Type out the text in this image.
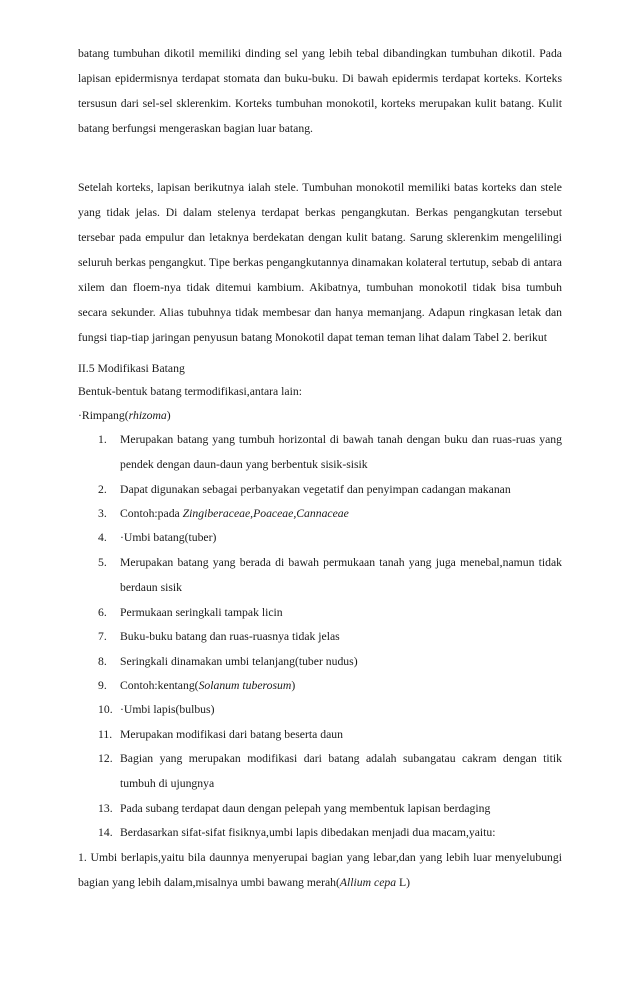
batang tumbuhan dikotil memiliki dinding sel yang lebih tebal dibandingkan tumbuhan dikotil. Pada lapisan epidermisnya terdapat stomata dan buku-buku. Di bawah epidermis terdapat korteks. Korteks tersusun dari sel-sel sklerenkim. Korteks tumbuhan monokotil, korteks merupakan kulit batang. Kulit batang berfungsi mengeraskan bagian luar batang.

Setelah korteks, lapisan berikutnya ialah stele. Tumbuhan monokotil memiliki batas korteks dan stele yang tidak jelas. Di dalam stelenya terdapat berkas pengangkutan. Berkas pengangkutan tersebut tersebar pada empulur dan letaknya berdekatan dengan kulit batang. Sarung sklerenkim mengelilingi seluruh berkas pengangkut. Tipe berkas pengangkutannya dinamakan kolateral tertutup, sebab di antara xilem dan floem-nya tidak ditemui kambium. Akibatnya, tumbuhan monokotil tidak bisa tumbuh secara sekunder. Alias tubuhnya tidak membesar dan hanya memanjang. Adapun ringkasan letak dan fungsi tiap-tiap jaringan penyusun batang Monokotil dapat teman teman lihat dalam Tabel 2. berikut

II.5 Modifikasi Batang
Bentuk-bentuk batang termodifikasi,antara lain:
·Rimpang(rhizoma)
1.	Merupakan batang yang tumbuh horizontal di bawah tanah dengan buku dan ruas-ruas yang pendek dengan daun-daun yang berbentuk sisik-sisik
2.	Dapat digunakan sebagai perbanyakan vegetatif dan penyimpan cadangan makanan
3.	Contoh:pada Zingiberaceae,Poaceae,Cannaceae
4.	·Umbi batang(tuber)
5.	Merupakan batang yang berada di bawah permukaan tanah yang juga menebal,namun tidak berdaun sisik
6.	Permukaan seringkali tampak licin
7.	Buku-buku batang dan ruas-ruasnya tidak jelas
8.	Seringkali dinamakan umbi telanjang(tuber nudus)
9.	Contoh:kentang(Solanum tuberosum)
10. ·Umbi lapis(bulbus)
11. Merupakan modifikasi dari batang beserta daun
12. Bagian yang merupakan modifikasi dari batang adalah subangatau cakram dengan titik tumbuh di ujungnya
13. Pada subang terdapat daun dengan pelepah yang membentuk lapisan berdaging
14. Berdasarkan sifat-sifat fisiknya,umbi lapis dibedakan menjadi dua macam,yaitu:

1. Umbi berlapis,yaitu bila daunnya menyerupai bagian yang lebar,dan yang lebih luar menyelubungi bagian yang lebih dalam,misalnya umbi bawang merah(Allium cepa L)
